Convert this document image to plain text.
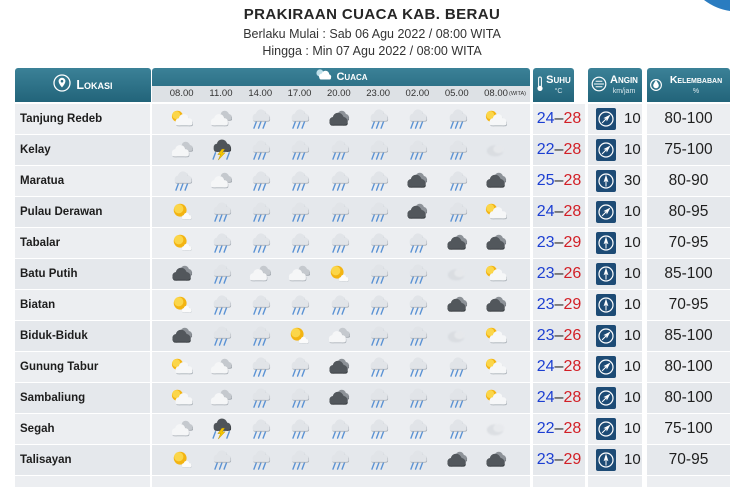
PRAKIRAAN CUACA KAB. BERAU
Berlaku Mulai : Sab 06 Agu 2022 / 08:00 WITA
Hingga : Min 07 Agu 2022 / 08:00 WITA
Lokasi
Cuaca
08.00	11.00	14.00	17.00	20.00	23.00	02.00	05.00	08.00 (WITA)
Suhu
°C
Angin
km/jam
Kelembaban
%
Tanjung Redeb	24–28	10	80-100
Kelay	22–28	10	75-100
Maratua	25–28	30	80-90
Pulau Derawan	24–28	10	80-95
Tabalar	23–29	10	70-95
Batu Putih	23–26	10	85-100
Biatan	23–29	10	70-95
Biduk-Biduk	23–26	10	85-100
Gunung Tabur	24–28	10	80-100
Sambaliung	24–28	10	80-100
Segah	22–28	10	75-100
Talisayan	23–29	10	70-95
